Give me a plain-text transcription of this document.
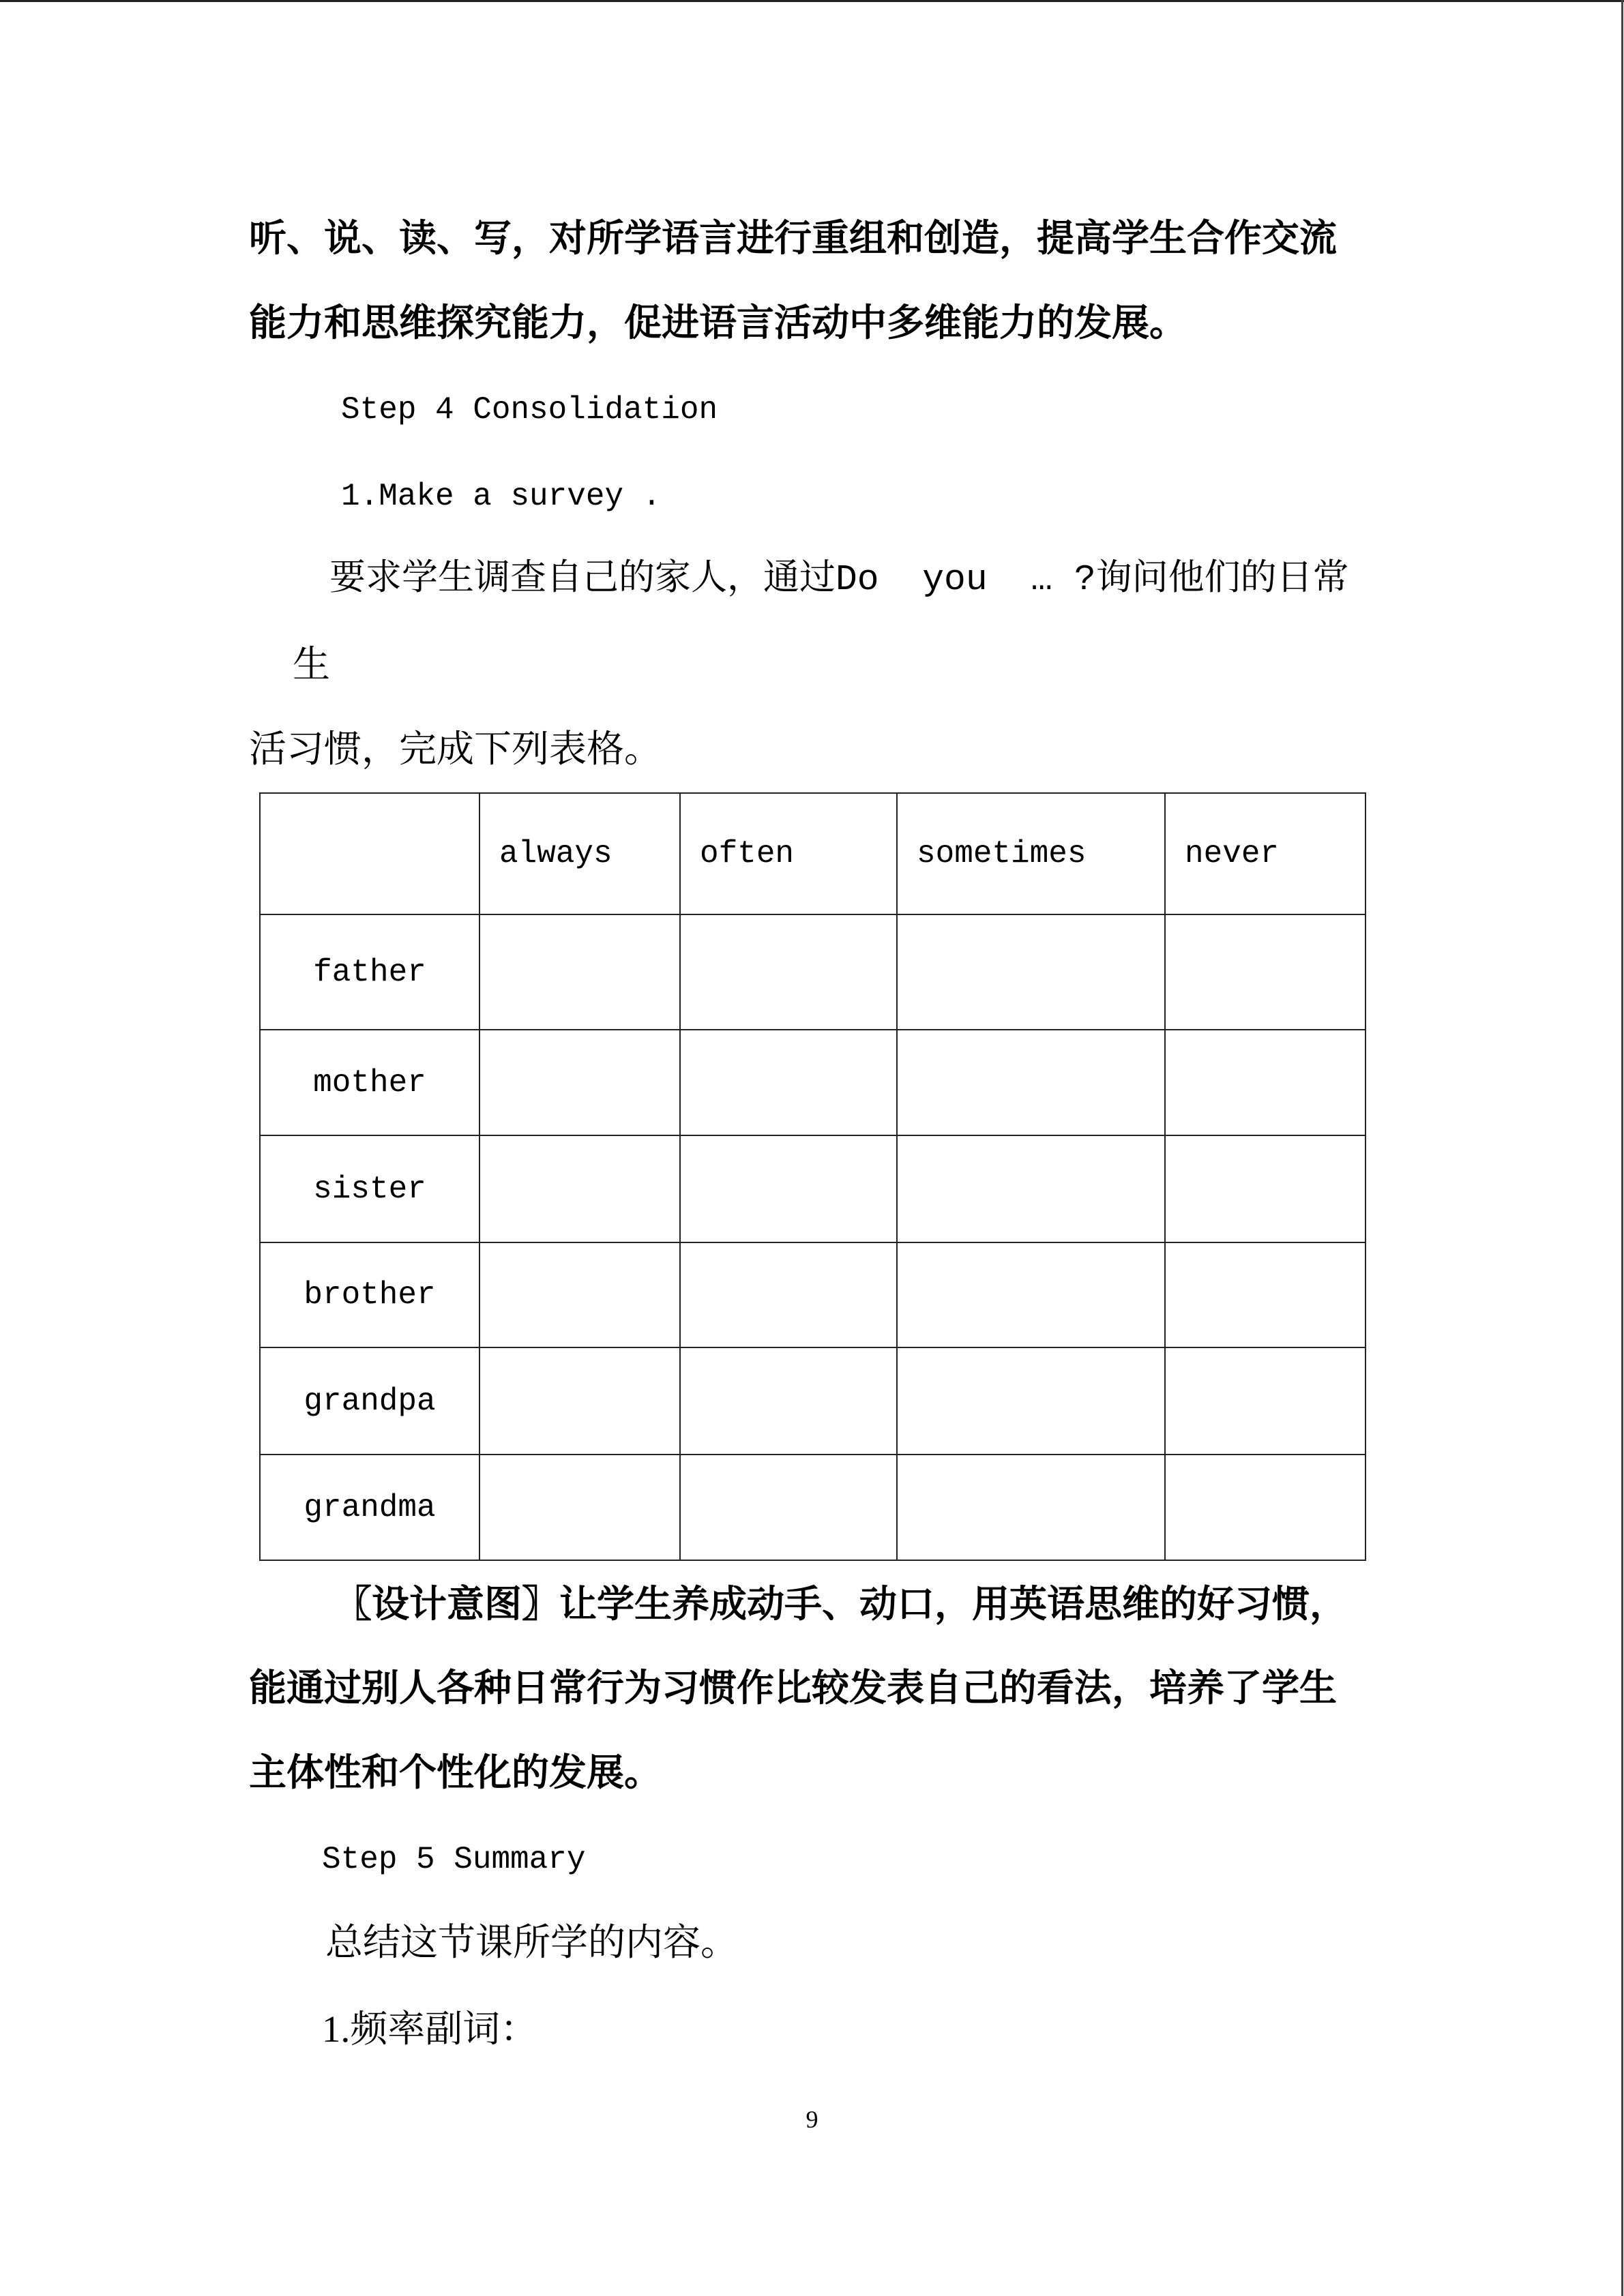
听、说、读、写，对所学语言进行重组和创造，提高学生合作交流
能力和思维探究能力，促进语言活动中多维能力的发展。
Step 4 Consolidation
1.Make a survey .
要求学生调查自己的家人，通过Do  you  … ?询问他们的日常
生
活习惯，完成下列表格。
	always	often	sometimes	never
father				
mother				
sister				
brother				
grandpa				
grandma				
〖设计意图〗让学生养成动手、动口，用英语思维的好习惯，
能通过别人各种日常行为习惯作比较发表自己的看法，培养了学生
主体性和个性化的发展。
Step 5 Summary
总结这节课所学的内容。
1.频率副词：
9
